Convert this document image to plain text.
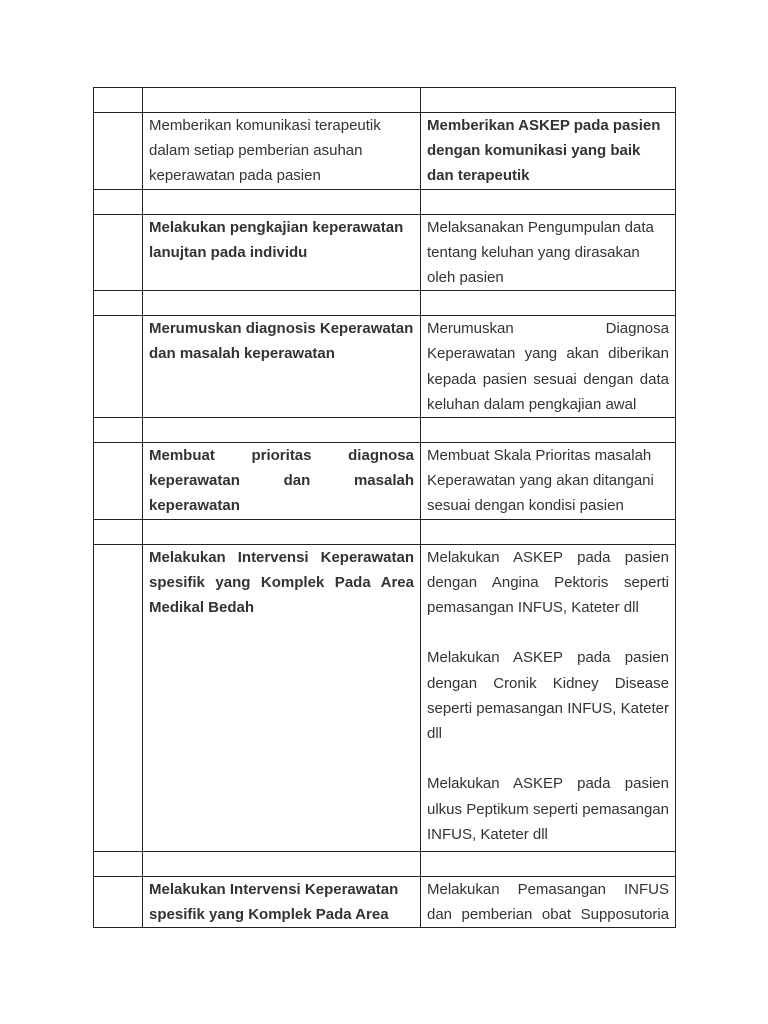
	Memberikan komunikasi terapeutik dalam setiap pemberian asuhan keperawatan pada pasien	Memberikan ASKEP pada pasien dengan komunikasi yang baik dan terapeutik

	Melakukan pengkajian keperawatan lanujtan pada individu	Melaksanakan Pengumpulan data tentang keluhan yang dirasakan oleh pasien

	Merumuskan diagnosis Keperawatan dan masalah keperawatan	Merumuskan Diagnosa Keperawatan yang akan diberikan kepada pasien sesuai dengan data keluhan dalam pengkajian awal

	Membuat prioritas diagnosa keperawatan dan masalah keperawatan	Membuat Skala Prioritas masalah Keperawatan yang akan ditangani sesuai dengan kondisi pasien

	Melakukan Intervensi Keperawatan spesifik yang Komplek Pada Area Medikal Bedah	Melakukan ASKEP pada pasien dengan Angina Pektoris seperti pemasangan INFUS, Kateter dll

Melakukan ASKEP pada pasien dengan Cronik Kidney Disease seperti pemasangan INFUS, Kateter dll

Melakukan ASKEP pada pasien ulkus Peptikum seperti pemasangan INFUS, Kateter dll

	Melakukan Intervensi Keperawatan spesifik yang Komplek Pada Area	Melakukan Pemasangan INFUS dan pemberian obat Supposutoria
